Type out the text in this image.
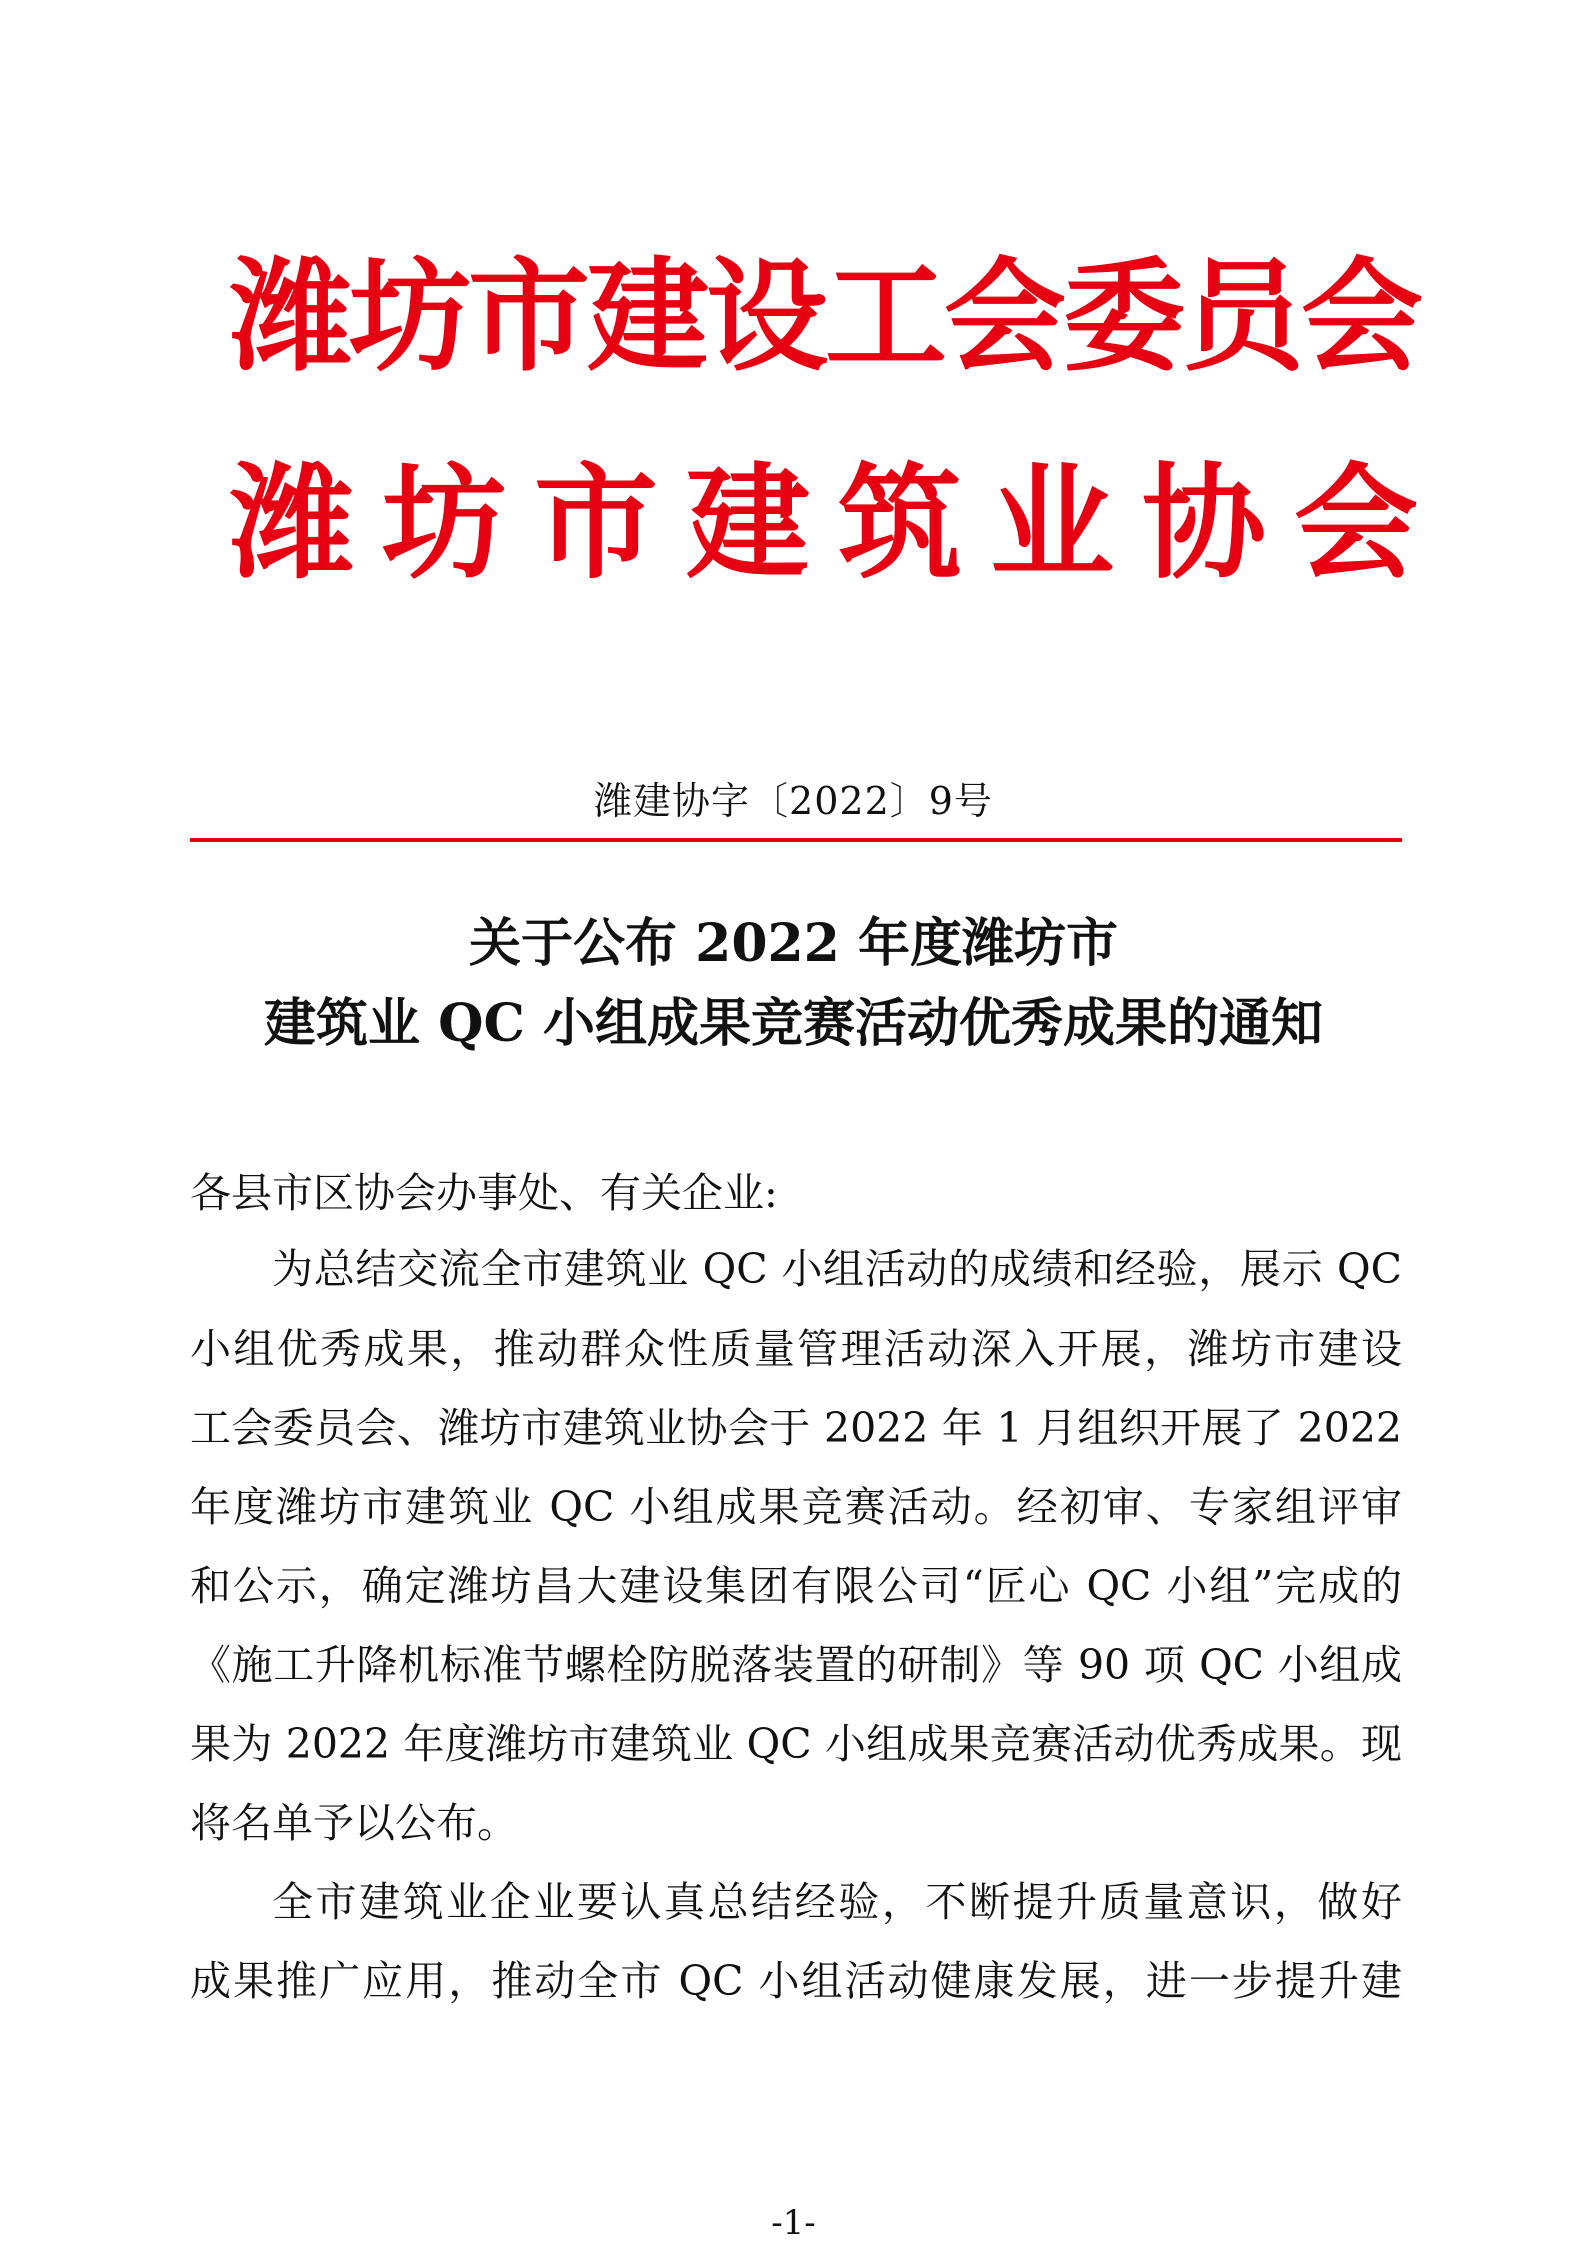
潍坊市建设工会委员会
潍坊市建筑业协会
潍建协字〔2022〕9号
关于公布 2022 年度潍坊市
建筑业 QC 小组成果竞赛活动优秀成果的通知
各县市区协会办事处、有关企业:
为总结交流全市建筑业 QC 小组活动的成绩和经验，展示 QC
小组优秀成果，推动群众性质量管理活动深入开展，潍坊市建设
工会委员会、潍坊市建筑业协会于 2022 年 1 月组织开展了 2022
年度潍坊市建筑业 QC 小组成果竞赛活动。经初审、专家组评审
和公示，确定潍坊昌大建设集团有限公司“匠心 QC 小组”完成的
《施工升降机标准节螺栓防脱落装置的研制》等 90 项 QC 小组成
果为 2022 年度潍坊市建筑业 QC 小组成果竞赛活动优秀成果。现
将名单予以公布。
全市建筑业企业要认真总结经验，不断提升质量意识，做好
成果推广应用，推动全市 QC 小组活动健康发展，进一步提升建
-1-
